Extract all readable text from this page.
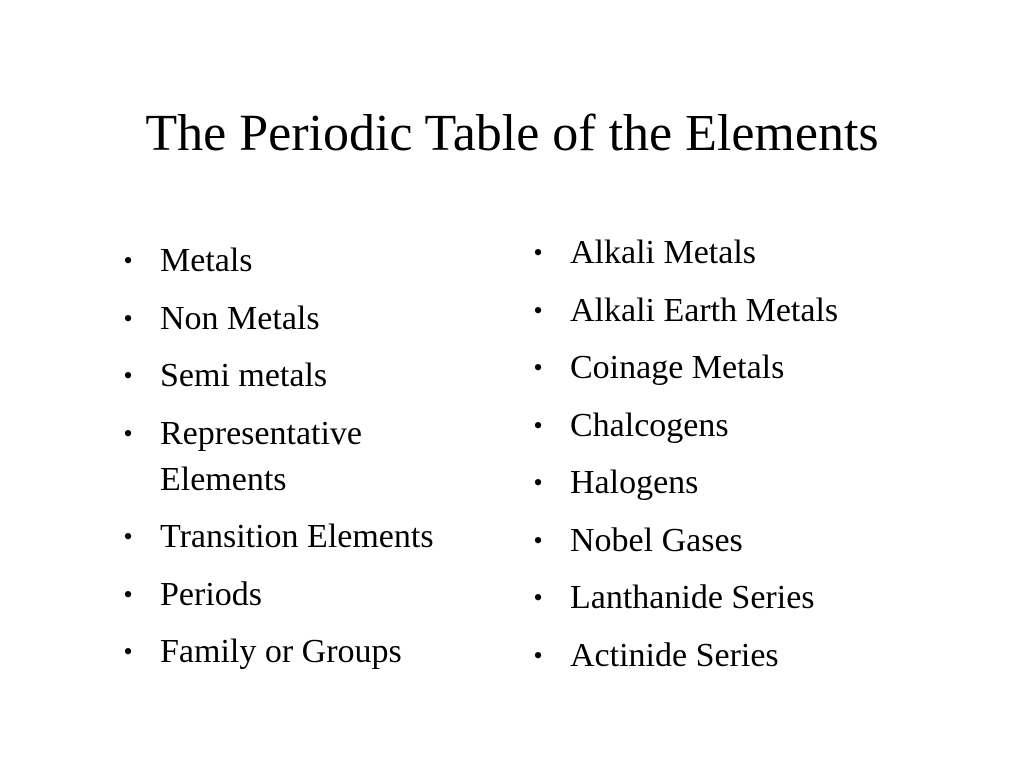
The Periodic Table of the Elements
• Metals
• Non Metals
• Semi metals
• Representative Elements
• Transition Elements
• Periods
• Family or Groups
• Alkali Metals
• Alkali Earth Metals
• Coinage Metals
• Chalcogens
• Halogens
• Nobel Gases
• Lanthanide Series
• Actinide Series
